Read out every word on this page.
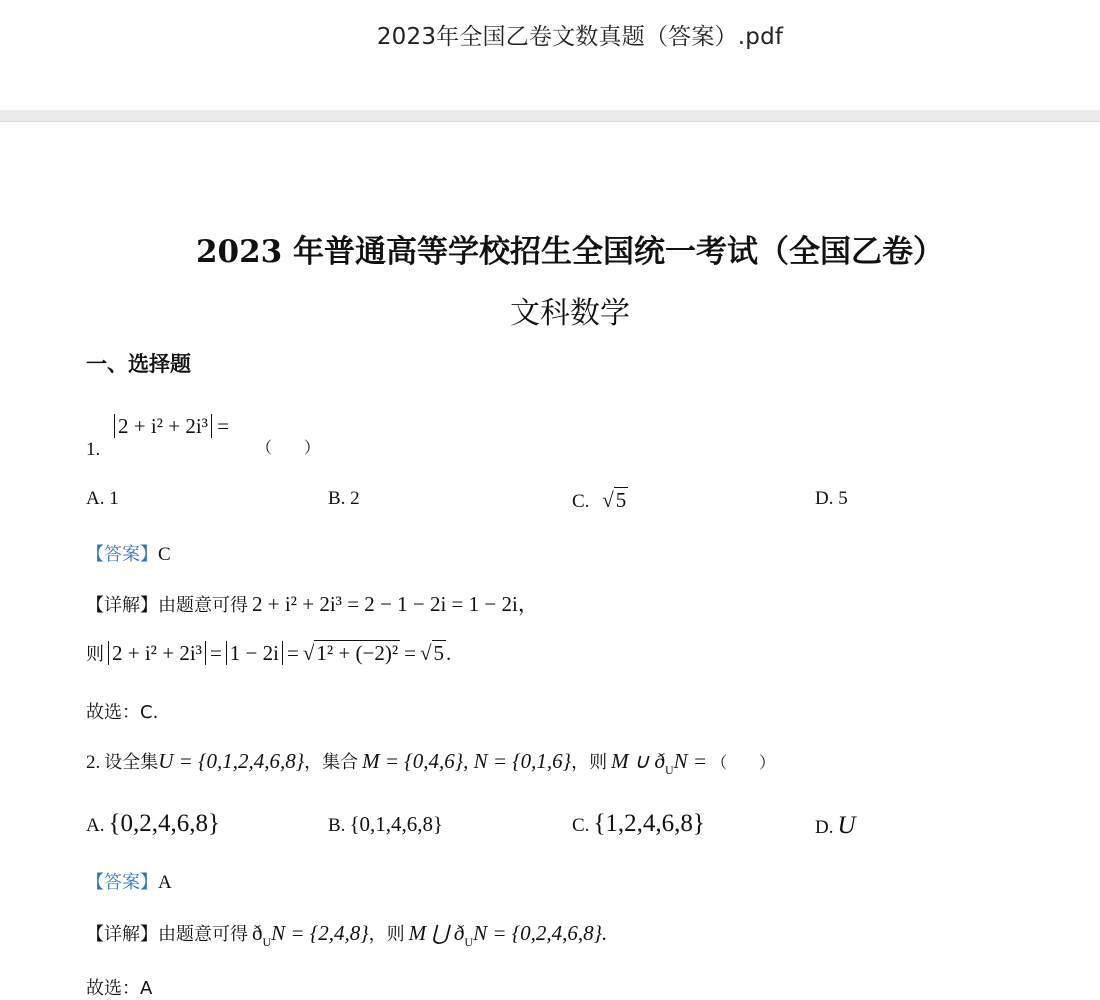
2023年全国乙卷文数真题（答案）.pdf
2023 年普通高等学校招生全国统一考试（全国乙卷）
文科数学
一、选择题
1.
2 + i² + 2i³ =
（　　）
A. 1	B. 2	C. √5	D. 5
【答案】C
【详解】由题意可得 2 + i² + 2i³ = 2 − 1 − 2i = 1 − 2i，
则 2 + i² + 2i³ = 1 − 2i = √1² + (−2)² = √5.
故选：C.
2. 设全集U = {0,1,2,4,6,8}，集合 M = {0,4,6}, N = {0,1,6}，则 M ∪ $ð_UN$ = （　　）
A. {0,2,4,6,8}	B. {0,1,4,6,8}	C. {1,2,4,6,8}	D. U
【答案】A
【详解】由题意可得 $ð_UN = \{2,4,8\}$，则 M ⋃ $ð_UN = \{0,2,4,6,8\}$.
故选：A
